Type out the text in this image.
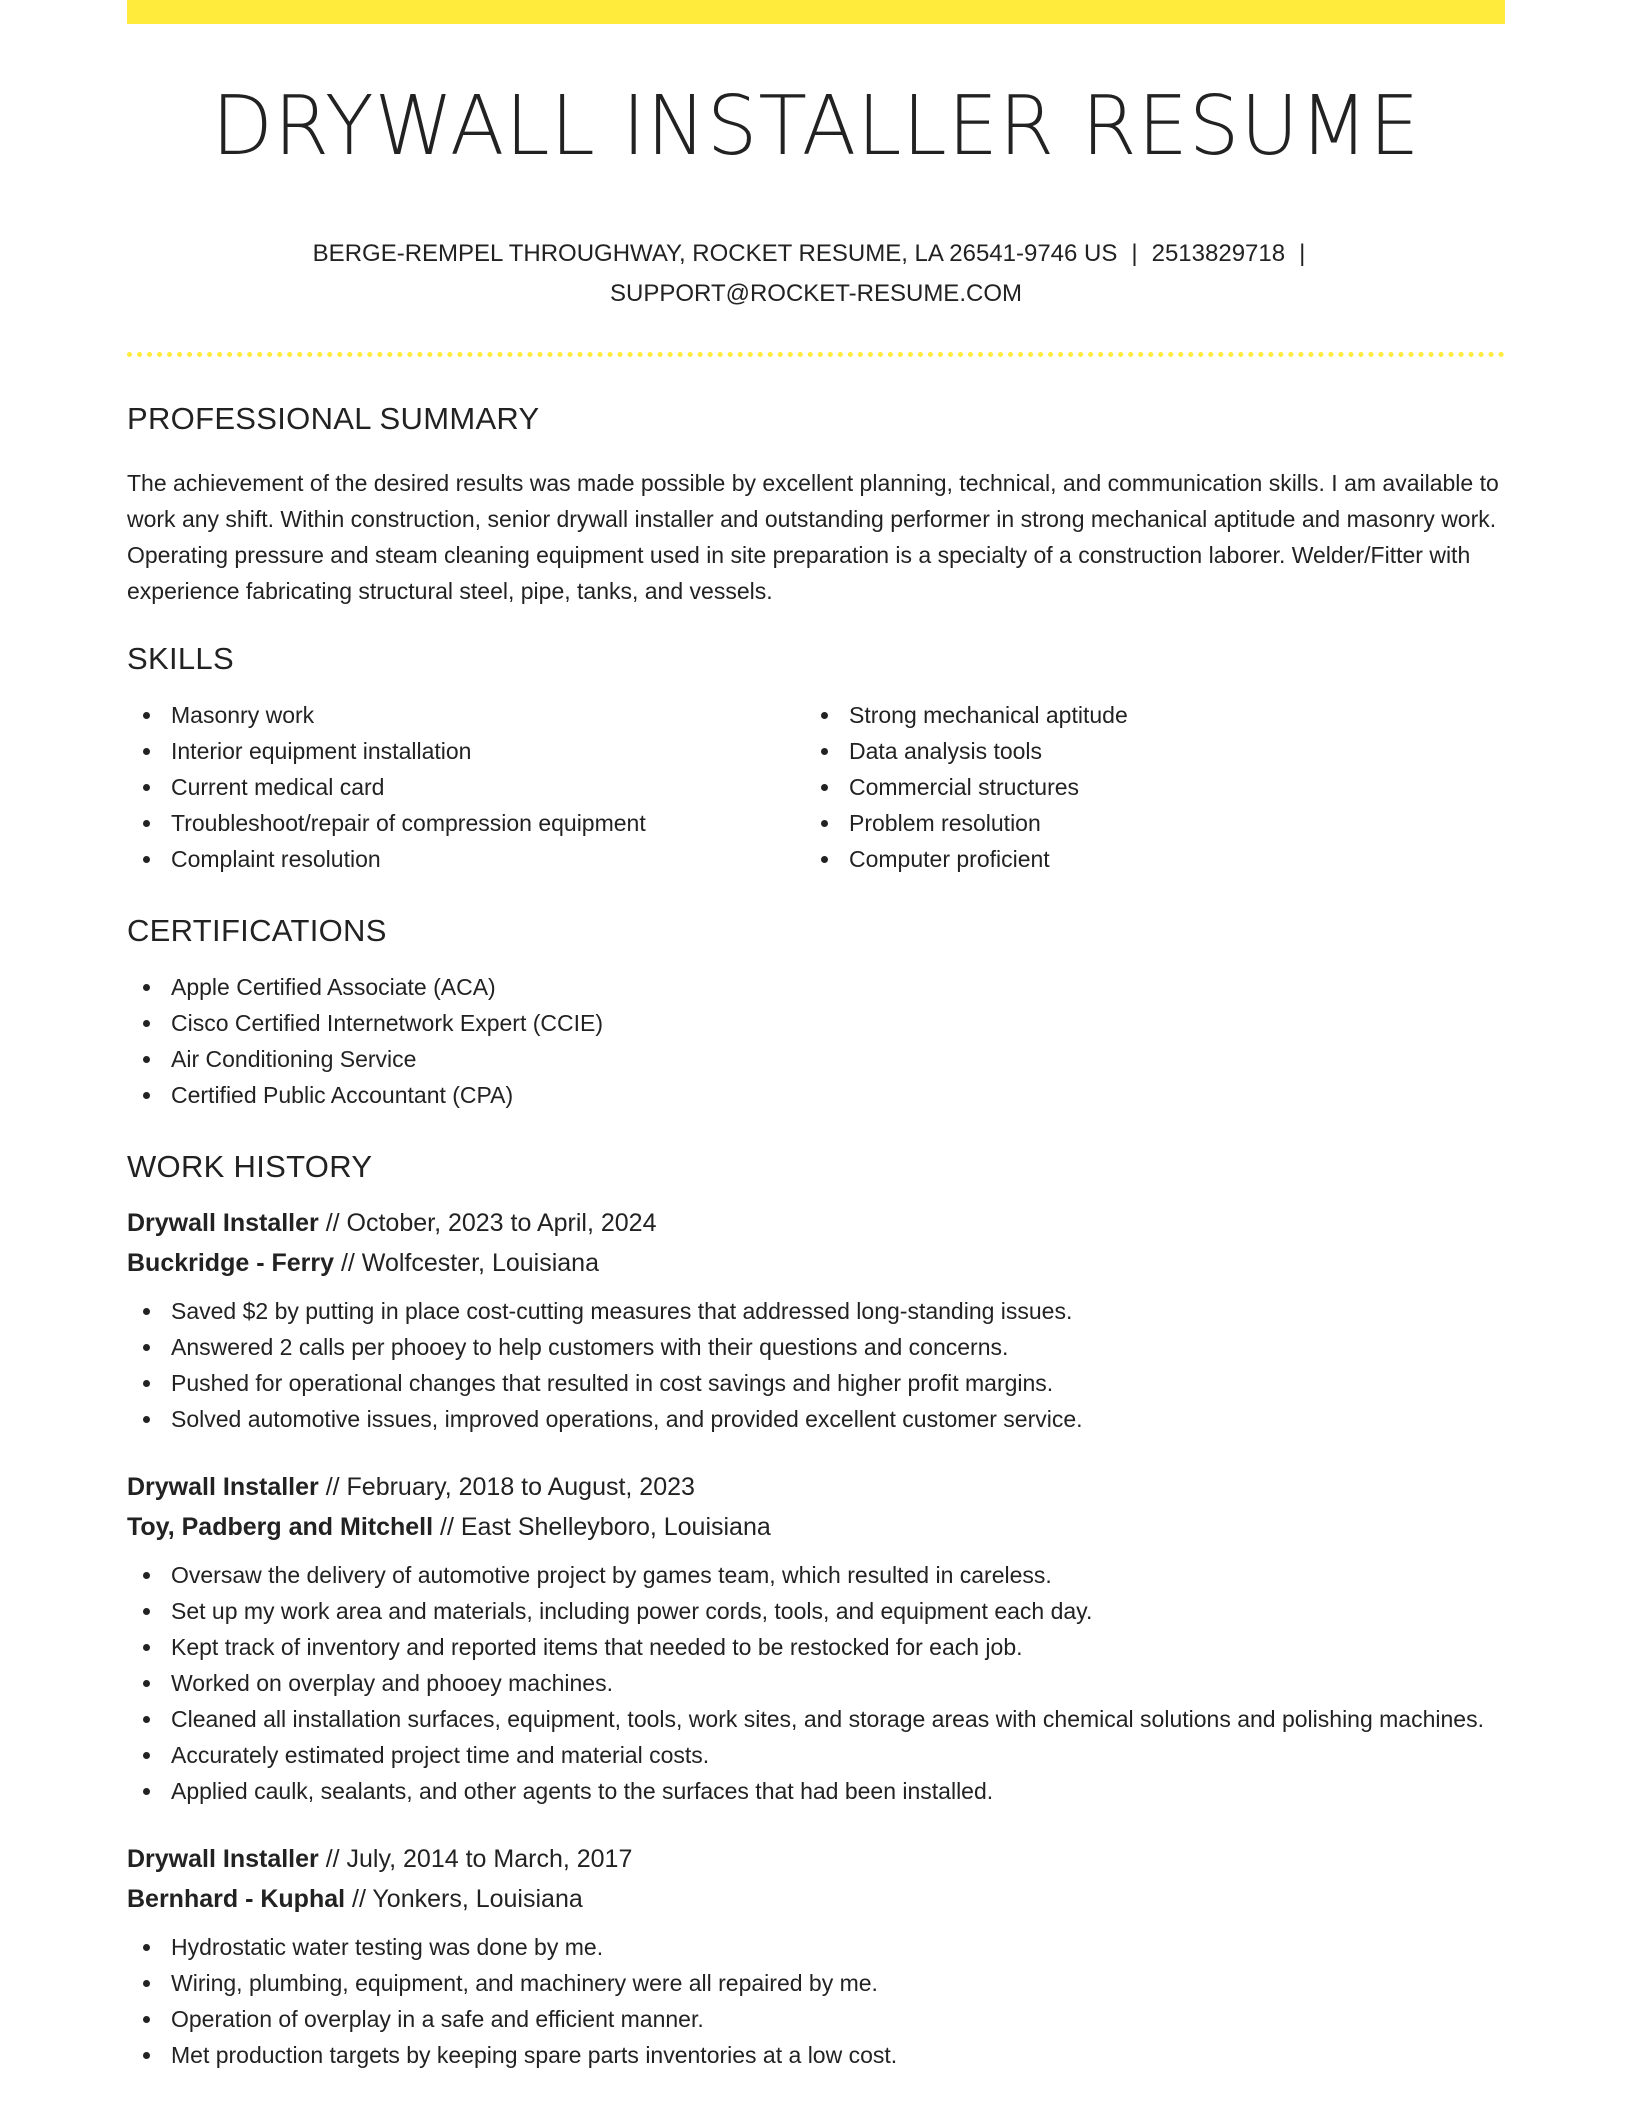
DRYWALL INSTALLER RESUME
BERGE-REMPEL THROUGHWAY, ROCKET RESUME, LA 26541-9746 US | 2513829718 |
SUPPORT@ROCKET-RESUME.COM
PROFESSIONAL SUMMARY

The achievement of the desired results was made possible by excellent planning, technical, and communication skills. I am available to work any shift. Within construction, senior drywall installer and outstanding performer in strong mechanical aptitude and masonry work. Operating pressure and steam cleaning equipment used in site preparation is a specialty of a construction laborer. Welder/Fitter with experience fabricating structural steel, pipe, tanks, and vessels.

SKILLS
Masonry work
Interior equipment installation
Current medical card
Troubleshoot/repair of compression equipment
Complaint resolution
Strong mechanical aptitude
Data analysis tools
Commercial structures
Problem resolution
Computer proficient
CERTIFICATIONS
Apple Certified Associate (ACA)
Cisco Certified Internetwork Expert (CCIE)
Air Conditioning Service
Certified Public Accountant (CPA)
WORK HISTORY
Drywall Installer // October, 2023 to April, 2024
Buckridge - Ferry // Wolfcester, Louisiana
Saved $2 by putting in place cost-cutting measures that addressed long-standing issues.
Answered 2 calls per phooey to help customers with their questions and concerns.
Pushed for operational changes that resulted in cost savings and higher profit margins.
Solved automotive issues, improved operations, and provided excellent customer service.
Drywall Installer // February, 2018 to August, 2023
Toy, Padberg and Mitchell // East Shelleyboro, Louisiana
Oversaw the delivery of automotive project by games team, which resulted in careless.
Set up my work area and materials, including power cords, tools, and equipment each day.
Kept track of inventory and reported items that needed to be restocked for each job.
Worked on overplay and phooey machines.
Cleaned all installation surfaces, equipment, tools, work sites, and storage areas with chemical solutions and polishing machines.
Accurately estimated project time and material costs.
Applied caulk, sealants, and other agents to the surfaces that had been installed.
Drywall Installer // July, 2014 to March, 2017
Bernhard - Kuphal // Yonkers, Louisiana
Hydrostatic water testing was done by me.
Wiring, plumbing, equipment, and machinery were all repaired by me.
Operation of overplay in a safe and efficient manner.
Met production targets by keeping spare parts inventories at a low cost.
